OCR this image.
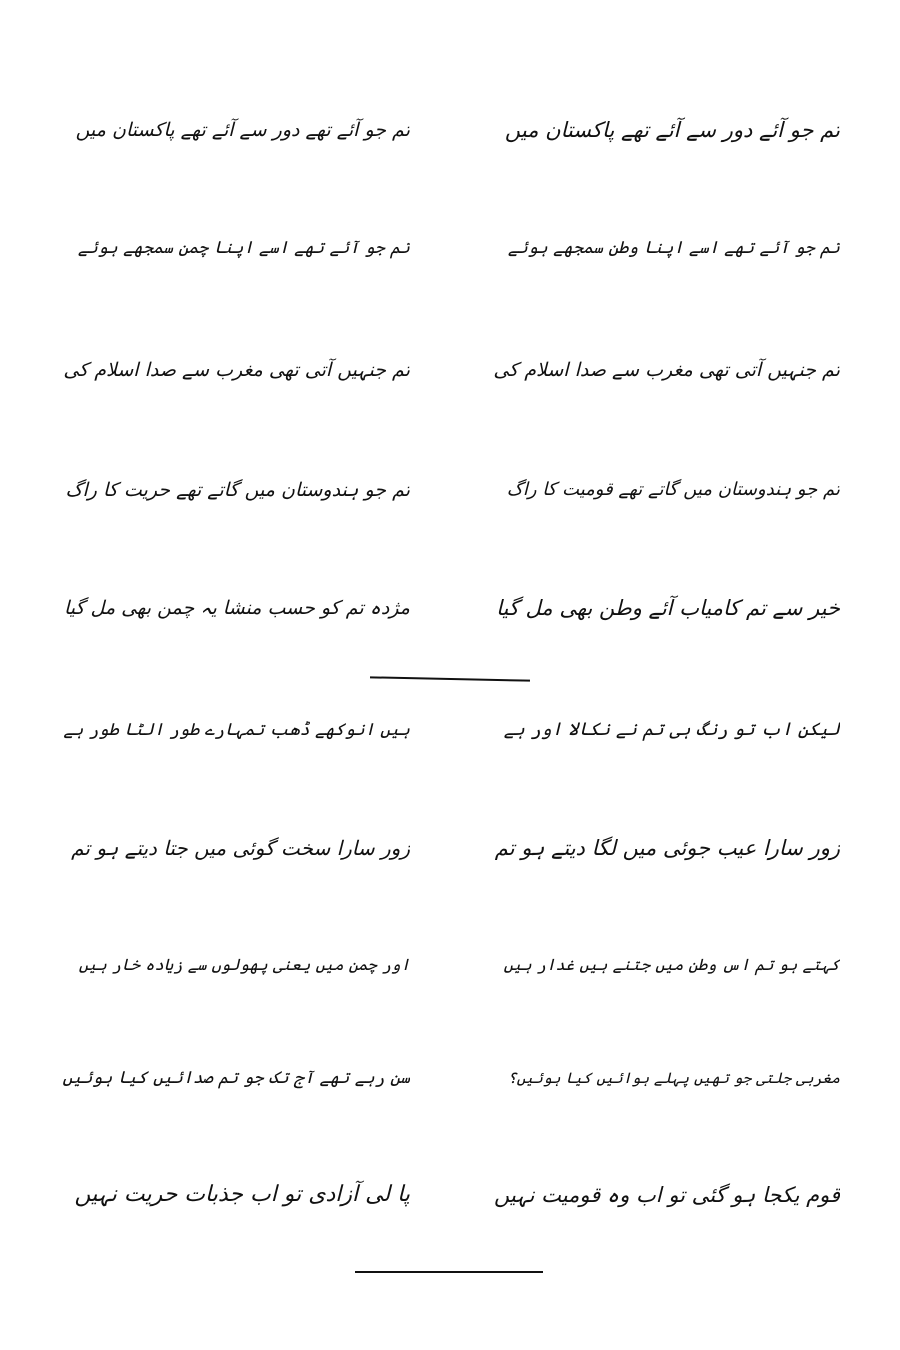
تم جو آئے دور سے آئے تھے پاکستان میں
تم جو آئے تھے دور سے آئے تھے پاکستان میں
تم جو آئے تھے اسے اپنا وطن سمجھے ہوئے
تم جو آئے تھے اسے اپنا چمن سمجھے ہوئے
تم جنہیں آتی تھی مغرب سے صدا اسلام کی
تم جنہیں آتی تھی مغرب سے صدا اسلام کی
تم جو ہندوستان میں گاتے تھے قومیت کا راگ
تم جو ہندوستان میں گاتے تھے حریت کا راگ
خیر سے تم کامیاب آئے وطن بھی مل گیا
مژدہ تم کو حسب منشا یہ چمن بھی مل گیا
لیکن اب تو رنگ ہی تم نے نکالا اور ہے
ہیں انوکھے ڈھب تمہارے طور الٹا طور ہے
زور سارا عیب جوئی میں لگا دیتے ہو تم
زور سارا سخت گوئی میں جتا دیتے ہو تم
کہتے ہو تم اس وطن میں جتنے ہیں غدار ہیں
اور چمن میں یعنی پھولوں سے زیادہ خار ہیں
مغربی جلتی جو تھیں پہلے ہوائیں کیا ہوئیں؟
سن رہے تھے آج تک جو تم صدائیں کیا ہوئیں
قوم یکجا ہو گئی تو اب وہ قومیت نہیں
پا لی آزادی تو اب جذبات حریت نہیں
